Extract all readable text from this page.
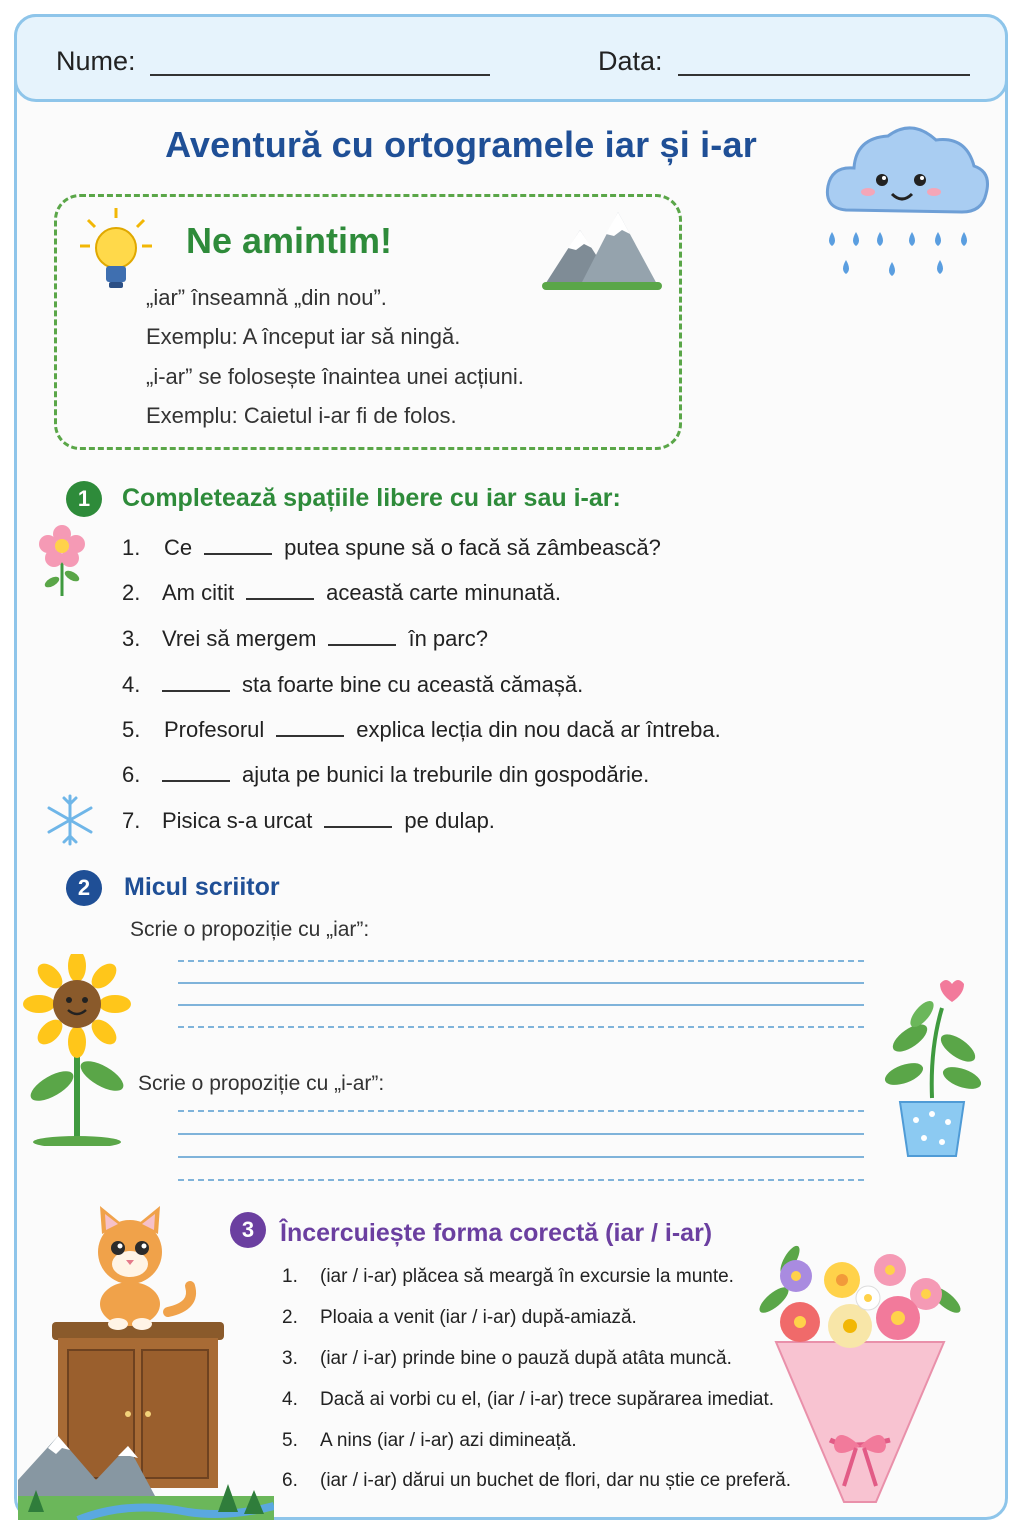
Nume:	Data:
Aventură cu ortogramele iar și i-ar
Ne amintim!
„iar” înseamnă „din nou”.
Exemplu: A început iar să ningă.
„i-ar” se folosește înaintea unei acțiuni.
Exemplu: Caietul i-ar fi de folos.
1	Completează spațiile libere cu iar sau i-ar:
1. Ce	putea spune să o facă să zâmbească?
2. Am citit	această carte minunată.
3. Vrei să mergem	în parc?
4.	sta foarte bine cu această cămașă.
5. Profesorul	explica lecția din nou dacă ar întreba.
6.	ajuta pe bunici la treburile din gospodărie.
7. Pisica s-a urcat	pe dulap.
2	Micul scriitor
Scrie o propoziție cu „iar”:
Scrie o propoziție cu „i-ar”:
3	Încercuiește forma corectă (iar / i-ar)
1. (iar / i-ar) plăcea să meargă în excursie la munte.
2. Ploaia a venit (iar / i-ar) după-amiază.
3. (iar / i-ar) prinde bine o pauză după atâta muncă.
4. Dacă ai vorbi cu el, (iar / i-ar) trece supărarea imediat.
5. A nins (iar / i-ar) azi dimineață.
6. (iar / i-ar) dărui un buchet de flori, dar nu știe ce preferă.
